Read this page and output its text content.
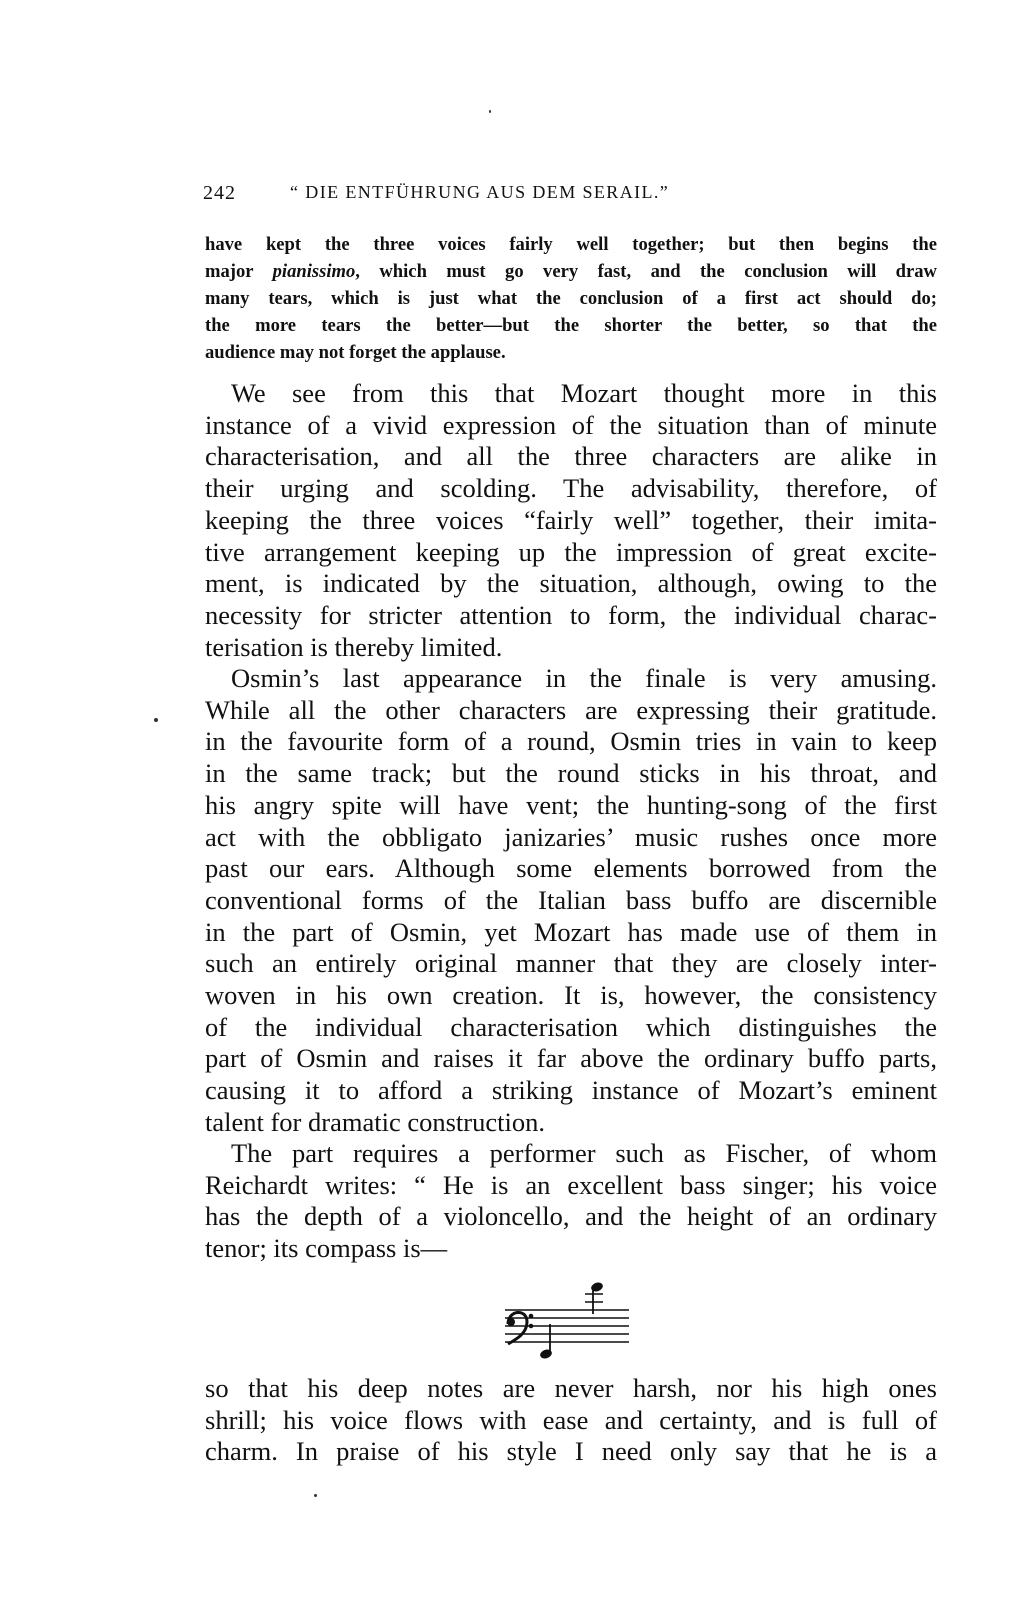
242	“ DIE ENTFÜHRUNG AUS DEM SERAIL.”
have kept the three voices fairly well together; but then begins the
major pianissimo, which must go very fast, and the conclusion will draw
many tears, which is just what the conclusion of a first act should do;
the more tears the better—but the shorter the better, so that the
audience may not forget the applause.
We see from this that Mozart thought more in this
instance of a vivid expression of the situation than of minute
characterisation, and all the three characters are alike in
their urging and scolding. The advisability, therefore, of
keeping the three voices “fairly well” together, their imita-
tive arrangement keeping up the impression of great excite-
ment, is indicated by the situation, although, owing to the
necessity for stricter attention to form, the individual charac-
terisation is thereby limited.
Osmin’s last appearance in the finale is very amusing.
While all the other characters are expressing their gratitude.
in the favourite form of a round, Osmin tries in vain to keep
in the same track; but the round sticks in his throat, and
his angry spite will have vent; the hunting-song of the first
act with the obbligato janizaries’ music rushes once more
past our ears. Although some elements borrowed from the
conventional forms of the Italian bass buffo are discernible
in the part of Osmin, yet Mozart has made use of them in
such an entirely original manner that they are closely inter-
woven in his own creation. It is, however, the consistency
of the individual characterisation which distinguishes the
part of Osmin and raises it far above the ordinary buffo parts,
causing it to afford a striking instance of Mozart’s eminent
talent for dramatic construction.
The part requires a performer such as Fischer, of whom
Reichardt writes: “ He is an excellent bass singer; his voice
has the depth of a violoncello, and the height of an ordinary
tenor; its compass is—
so that his deep notes are never harsh, nor his high ones
shrill; his voice flows with ease and certainty, and is full of
charm. In praise of his style I need only say that he is a
